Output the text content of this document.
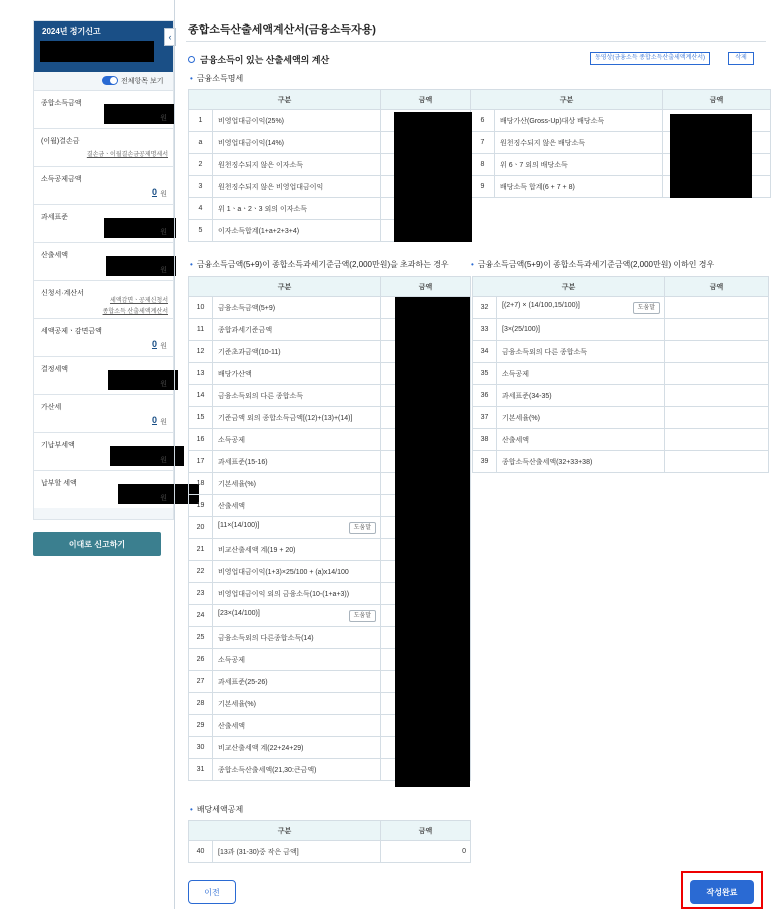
2024년 정기신고
전체항목 보기
종합소득금액
원
(이월)결손금
결손금ㆍ이월결손금공제명세서
소득공제금액
0 원
과세표준
원
산출세액
원
신청서·계산서
세액감면ㆍ공제신청서
종합소득 산출세액계산서
세액공제ㆍ감면금액
0 원
결정세액
원
가산세
0 원
기납부세액
원
납부할 세액
원
이대로 신고하기
‹
종합소득산출세액계산서(금융소득자용)
금융소득이 있는 산출세액의 계산	동영상(금융소득 종합소득산출세액계산서)	삭제
• 금융소득명세
구분		금액	구분		금액
1	비영업대금이익(25%)		6	배당가산(Gross-Up)대상 배당소득	
a	비영업대금이익(14%)		7	원천징수되지 않은 배당소득	
2	원천징수되지 않은 이자소득		8	위 6ㆍ7 외의 배당소득	
3	원천징수되지 않은 비영업대금이익		9	배당소득 합계(6 + 7 + 8)	
4	위 1ㆍaㆍ2ㆍ3 외의 이자소득				
5	이자소득합계(1+a+2+3+4)				
• 금융소득금액(5+9)이 종합소득과세기준금액(2,000만원)을 초과하는 경우
구분		금액
10	금융소득금액(5+9)	
11	종합과세기준금액	
12	기준초과금액(10-11)	
13	배당가산액	
14	금융소득외의 다른 종합소득	
15	기준금액 외의 종합소득금액[(12)+(13)+(14)]	
16	소득공제	
17	과세표준(15-16)	
18	기본세율(%)	
19	산출세액	
20	[11×(14/100)] 도움말	

21	비교산출세액 계(19 + 20)	
22	비영업대금이익(1+3)×25/100 + (a)x14/100	
23	비영업대금이익 외의 금융소득(10-(1+a+3))	
24	[23×(14/100)] 도움말	

25	금융소득외의 다른종합소득(14)	
26	소득공제	
27	과세표준(25-26)	
28	기본세율(%)	
29	산출세액	
30	비교산출세액 계(22+24+29)	
31	종합소득산출세액(21,30:큰금액)	
• 금융소득금액(5+9)이 종합소득과세기준금액(2,000만원) 이하인 경우
구분		금액
32	[(2+7) × (14/100,15/100)] 도움말	

33	[3×(25/100)]	
34	금융소득외의 다른 종합소득	
35	소득공제	
36	과세표준(34-35)	
37	기본세율(%)	
38	산출세액	
39	종합소득산출세액(32+33+38)	
• 배당세액공제
구분		금액
40	[13과 (31-30)중 작은 금액]	0
이전	작성완료
